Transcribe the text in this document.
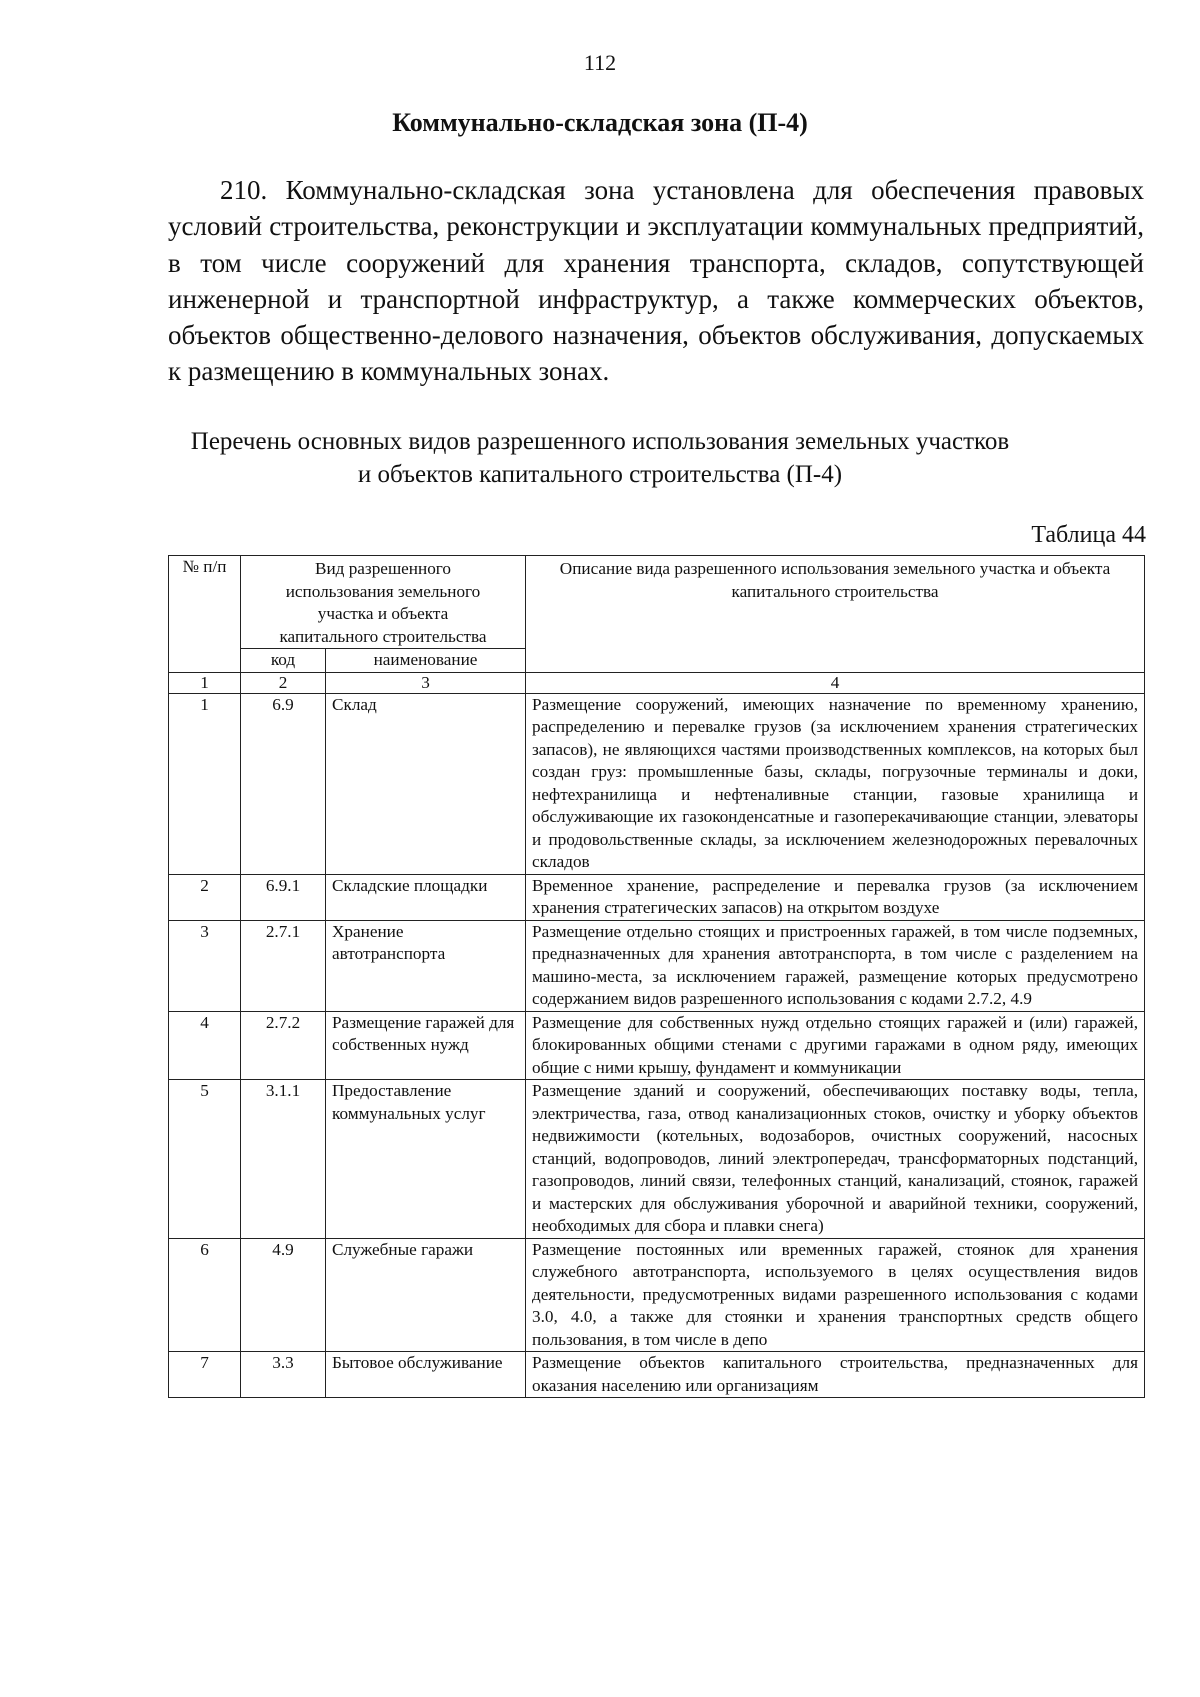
112
Коммунально-складская зона (П-4)
210. Коммунально-складская зона установлена для обеспечения правовых условий строительства, реконструкции и эксплуатации коммунальных предприятий, в том числе сооружений для хранения транспорта, складов, сопутствующей инженерной и транспортной инфраструктур, а также коммерческих объектов, объектов общественно-делового назначения, объектов обслуживания, допускаемых к размещению в коммунальных зонах.
Перечень основных видов разрешенного использования земельных участков
и объектов капитального строительства (П-4)
Таблица 44
№ п/п	Вид разрешенного использования земельного участка и объекта капитального строительства		Описание вида разрешенного использования земельного участка и объекта капитального строительства
	код	наименование	
1	2	3	4
1	6.9	Склад	Размещение сооружений, имеющих назначение по временному хранению, распределению и перевалке грузов (за исключением хранения стратегических запасов), не являющихся частями производственных комплексов, на которых был создан груз: промышленные базы, склады, погрузочные терминалы и доки, нефтехранилища и нефтеналивные станции, газовые хранилища и обслуживающие их газоконденсатные и газоперекачивающие станции, элеваторы и продовольственные склады, за исключением железнодорожных перевалочных складов
2	6.9.1	Складские площадки	Временное хранение, распределение и перевалка грузов (за исключением хранения стратегических запасов) на открытом воздухе
3	2.7.1	Хранение автотранспорта	Размещение отдельно стоящих и пристроенных гаражей, в том числе подземных, предназначенных для хранения автотранспорта, в том числе с разделением на машино-места, за исключением гаражей, размещение которых предусмотрено содержанием видов разрешенного использования с кодами 2.7.2, 4.9
4	2.7.2	Размещение гаражей для собственных нужд	Размещение для собственных нужд отдельно стоящих гаражей и (или) гаражей, блокированных общими стенами с другими гаражами в одном ряду, имеющих общие с ними крышу, фундамент и коммуникации
5	3.1.1	Предоставление коммунальных услуг	Размещение зданий и сооружений, обеспечивающих поставку воды, тепла, электричества, газа, отвод канализационных стоков, очистку и уборку объектов недвижимости (котельных, водозаборов, очистных сооружений, насосных станций, водопроводов, линий электропередач, трансформаторных подстанций, газопроводов, линий связи, телефонных станций, канализаций, стоянок, гаражей и мастерских для обслуживания уборочной и аварийной техники, сооружений, необходимых для сбора и плавки снега)
6	4.9	Служебные гаражи	Размещение постоянных или временных гаражей, стоянок для хранения служебного автотранспорта, используемого в целях осуществления видов деятельности, предусмотренных видами разрешенного использования с кодами 3.0, 4.0, а также для стоянки и хранения транспортных средств общего пользования, в том числе в депо
7	3.3	Бытовое обслуживание	Размещение объектов капитального строительства, предназначенных для оказания населению или организациям
